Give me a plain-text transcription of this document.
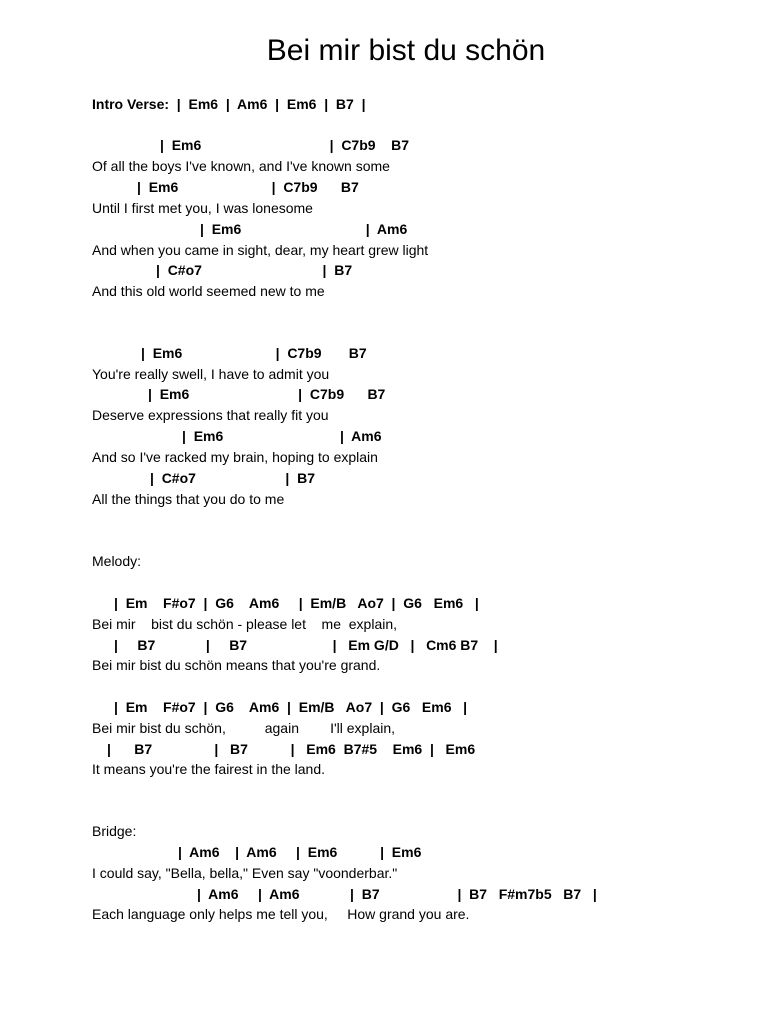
Bei mir bist du schön
Intro Verse:  |  Em6  |  Am6  |  Em6  |  B7  |
|  Em6                                 |  C7b9    B7
Of all the boys I've known, and I've known some
|  Em6                        |  C7b9      B7
Until I first met you, I was lonesome
|  Em6                                |  Am6
And when you came in sight, dear, my heart grew light
|  C#o7                               |  B7
And this old world seemed new to me
|  Em6                        |  C7b9       B7
You're really swell, I have to admit you
|  Em6                            |  C7b9      B7
Deserve expressions that really fit you
|  Em6                              |  Am6
And so I've racked my brain, hoping to explain
|  C#o7                       |  B7
All the things that you do to me
Melody:
|  Em    F#o7  |  G6    Am6     |  Em/B   Ao7  |  G6   Em6   |
Bei mir    bist du schön - please let    me  explain,
|     B7             |     B7                      |   Em G/D   |   Cm6 B7    |
Bei mir bist du schön means that you're grand.
|  Em    F#o7  |  G6    Am6  |  Em/B   Ao7  |  G6   Em6   |
Bei mir bist du schön,          again        I'll explain,
|      B7                |   B7           |   Em6  B7#5    Em6  |   Em6
It means you're the fairest in the land.
Bridge:
|  Am6    |  Am6     |  Em6           |  Em6
I could say, "Bella, bella," Even say "voonderbar."
|  Am6     |  Am6             |  B7                    |  B7   F#m7b5   B7   |
Each language only helps me tell you,     How grand you are.
